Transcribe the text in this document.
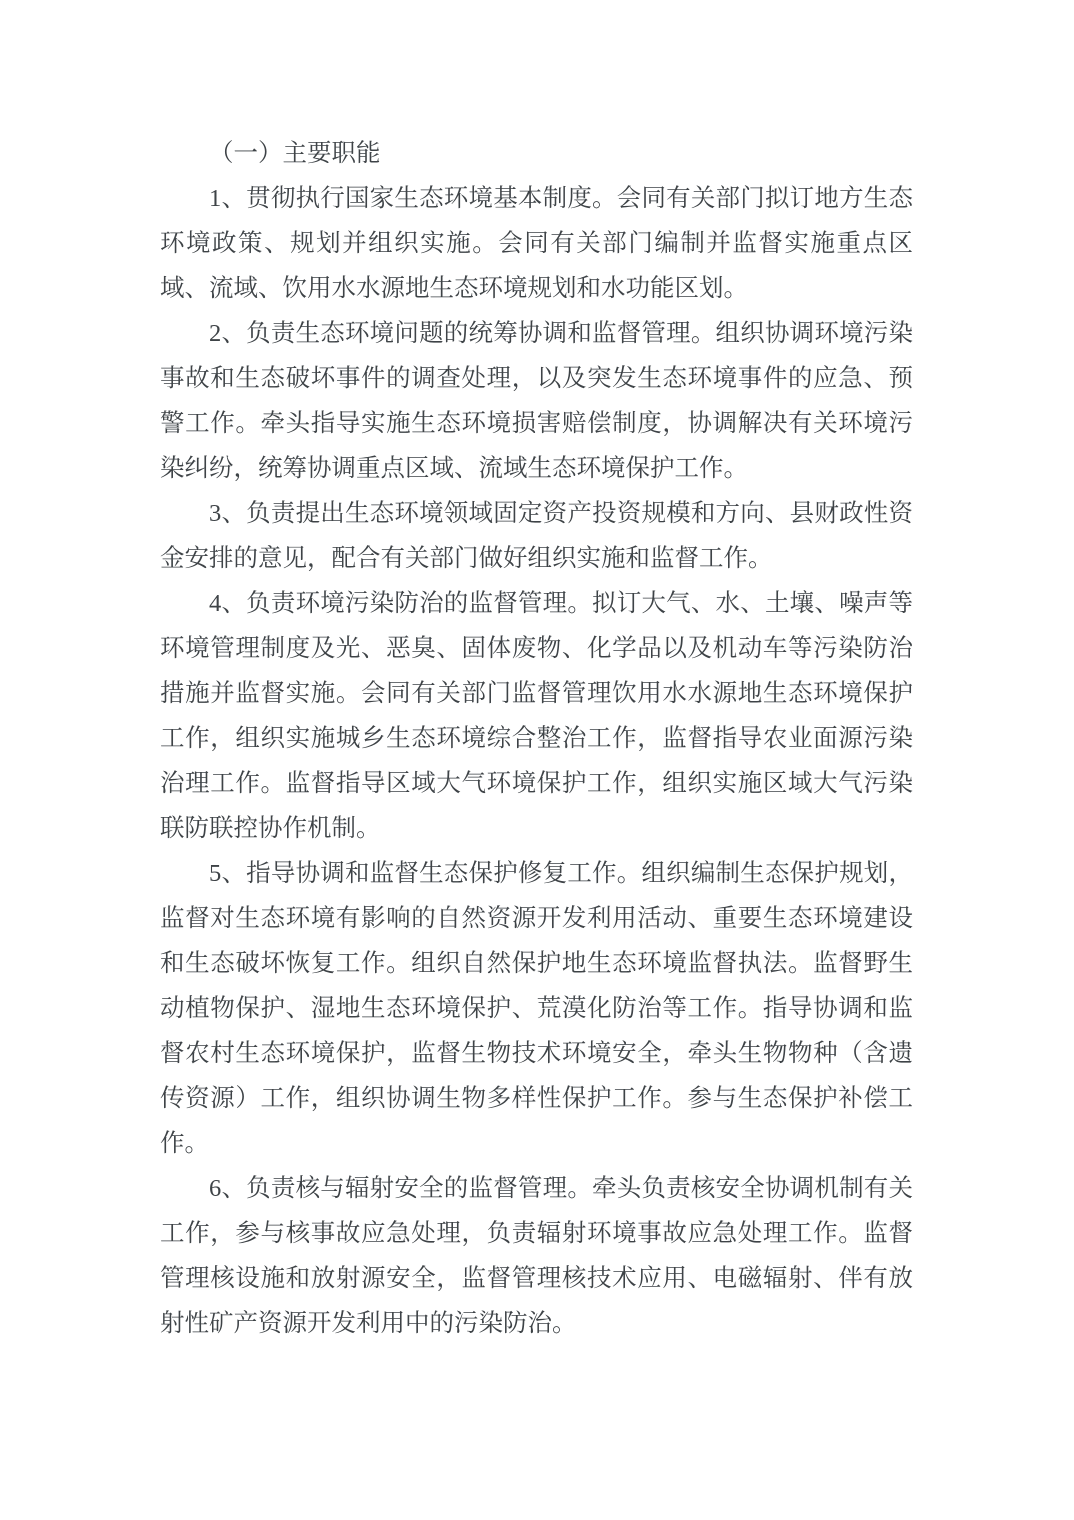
（一）主要职能

1、贯彻执行国家生态环境基本制度。会同有关部门拟订地方生态环境政策、规划并组织实施。会同有关部门编制并监督实施重点区域、流域、饮用水水源地生态环境规划和水功能区划。

2、负责生态环境问题的统筹协调和监督管理。组织协调环境污染事故和生态破坏事件的调查处理，以及突发生态环境事件的应急、预警工作。牵头指导实施生态环境损害赔偿制度，协调解决有关环境污染纠纷，统筹协调重点区域、流域生态环境保护工作。

3、负责提出生态环境领域固定资产投资规模和方向、县财政性资金安排的意见，配合有关部门做好组织实施和监督工作。

4、负责环境污染防治的监督管理。拟订大气、水、土壤、噪声等环境管理制度及光、恶臭、固体废物、化学品以及机动车等污染防治措施并监督实施。会同有关部门监督管理饮用水水源地生态环境保护工作，组织实施城乡生态环境综合整治工作，监督指导农业面源污染治理工作。监督指导区域大气环境保护工作，组织实施区域大气污染联防联控协作机制。

5、指导协调和监督生态保护修复工作。组织编制生态保护规划，监督对生态环境有影响的自然资源开发利用活动、重要生态环境建设和生态破坏恢复工作。组织自然保护地生态环境监督执法。监督野生动植物保护、湿地生态环境保护、荒漠化防治等工作。指导协调和监督农村生态环境保护，监督生物技术环境安全，牵头生物物种（含遗传资源）工作，组织协调生物多样性保护工作。参与生态保护补偿工作。

6、负责核与辐射安全的监督管理。牵头负责核安全协调机制有关工作，参与核事故应急处理，负责辐射环境事故应急处理工作。监督管理核设施和放射源安全，监督管理核技术应用、电磁辐射、伴有放射性矿产资源开发利用中的污染防治。
